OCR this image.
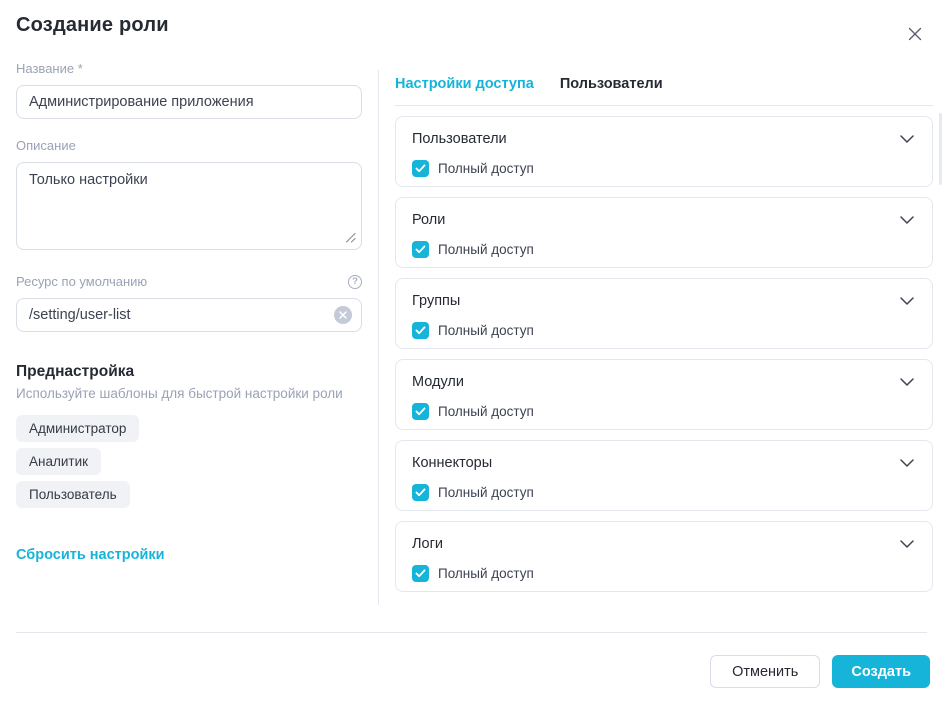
Создание роли
Название *
Администрирование приложения
Описание
Только настройки
Ресурс по умолчанию	?
/setting/user-list
Преднастройка
Используйте шаблоны для быстрой настройки роли
Администратор
Аналитик
Пользователь
Сбросить настройки
Настройки доступа Пользователи
Пользователи
Полный доступ
Роли
Полный доступ
Группы
Полный доступ
Модули
Полный доступ
Коннекторы
Полный доступ
Логи
Полный доступ
Отменить	Создать
